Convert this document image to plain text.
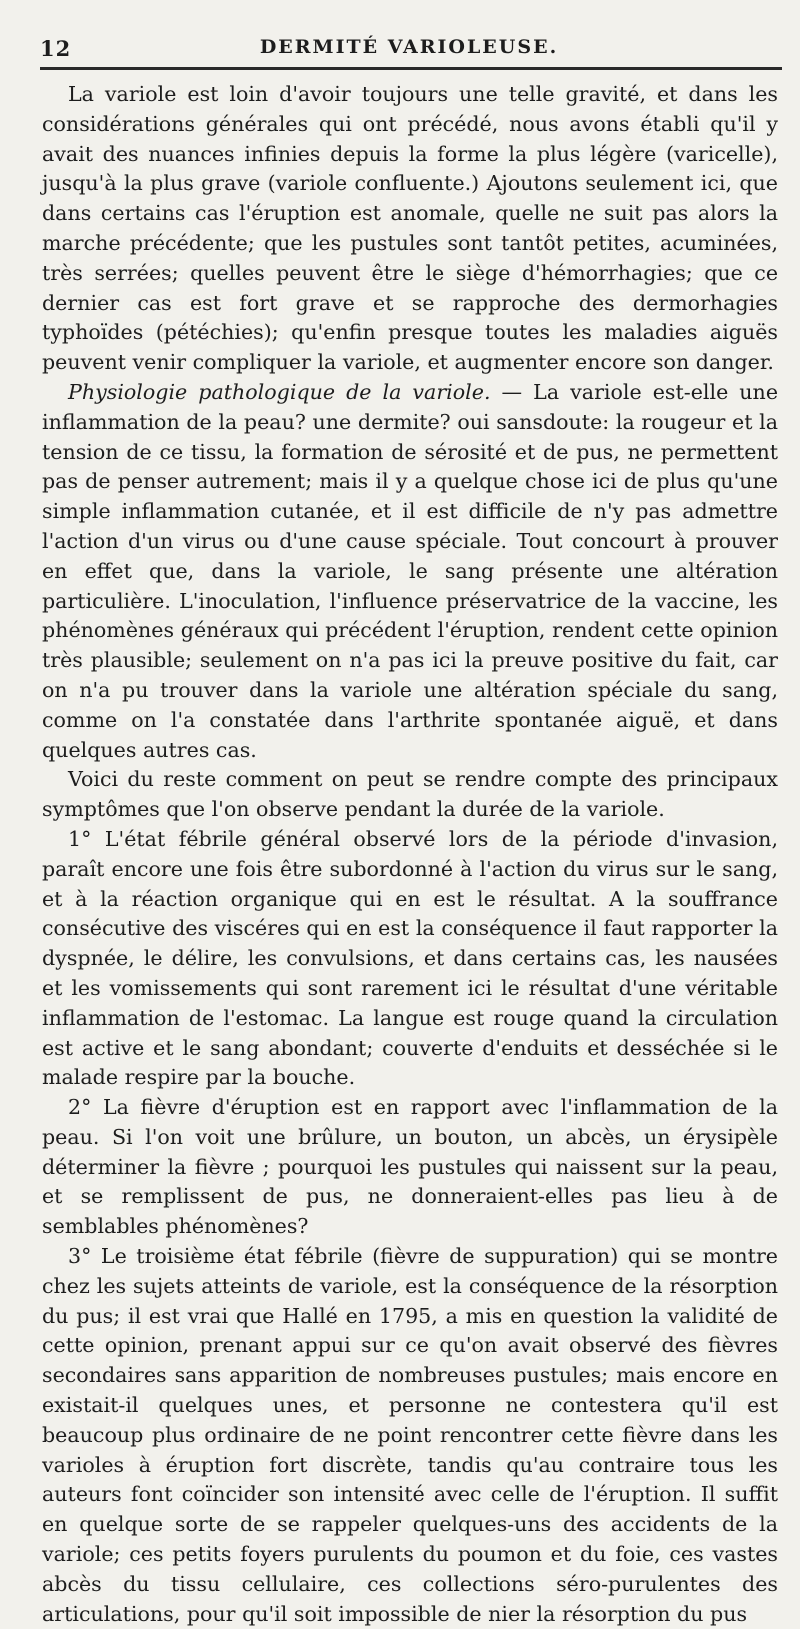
12	DERMITÉ VARIOLEUSE.

La variole est loin d'avoir toujours une telle gravité, et dans les considérations générales qui ont précédé, nous avons établi qu'il y avait des nuances infinies depuis la forme la plus légère (varicelle), jusqu'à la plus grave (variole confluente.) Ajoutons seulement ici, que dans certains cas l'éruption est anomale, quelle ne suit pas alors la marche précédente; que les pustules sont tantôt petites, acuminées, très serrées; quelles peuvent être le siège d'hémorrhagies; que ce dernier cas est fort grave et se rapproche des dermorhagies typhoïdes (pétéchies); qu'enfin presque toutes les maladies aiguës peuvent venir compliquer la variole, et augmenter encore son danger.

Physiologie pathologique de la variole. — La variole est-elle une inflammation de la peau? une dermite? oui sansdoute: la rougeur et la tension de ce tissu, la formation de sérosité et de pus, ne permettent pas de penser autrement; mais il y a quelque chose ici de plus qu'une simple inflammation cutanée, et il est difficile de n'y pas admettre l'action d'un virus ou d'une cause spéciale. Tout concourt à prouver en effet que, dans la variole, le sang présente une altération particulière. L'inoculation, l'influence préservatrice de la vaccine, les phénomènes généraux qui précédent l'éruption, rendent cette opinion très plausible; seulement on n'a pas ici la preuve positive du fait, car on n'a pu trouver dans la variole une altération spéciale du sang, comme on l'a constatée dans l'arthrite spontanée aiguë, et dans quelques autres cas.

Voici du reste comment on peut se rendre compte des principaux symptômes que l'on observe pendant la durée de la variole.

1° L'état fébrile général observé lors de la période d'invasion, paraît encore une fois être subordonné à l'action du virus sur le sang, et à la réaction organique qui en est le résultat. A la souffrance consécutive des viscéres qui en est la conséquence il faut rapporter la dyspnée, le délire, les convulsions, et dans certains cas, les nausées et les vomissements qui sont rarement ici le résultat d'une véritable inflammation de l'estomac. La langue est rouge quand la circulation est active et le sang abondant; couverte d'enduits et desséchée si le malade respire par la bouche.

2° La fièvre d'éruption est en rapport avec l'inflammation de la peau. Si l'on voit une brûlure, un bouton, un abcès, un érysipèle déterminer la fièvre ; pourquoi les pustules qui naissent sur la peau, et se remplissent de pus, ne donneraient-elles pas lieu à de semblables phénomènes?

3° Le troisième état fébrile (fièvre de suppuration) qui se montre chez les sujets atteints de variole, est la conséquence de la résorption du pus; il est vrai que Hallé en 1795, a mis en question la validité de cette opinion, prenant appui sur ce qu'on avait observé des fièvres secondaires sans apparition de nombreuses pustules; mais encore en existait-il quelques unes, et personne ne contestera qu'il est beaucoup plus ordinaire de ne point rencontrer cette fièvre dans les varioles à éruption fort discrète, tandis qu'au contraire tous les auteurs font coïncider son intensité avec celle de l'éruption. Il suffit en quelque sorte de se rappeler quelques-uns des accidents de la variole; ces petits foyers purulents du poumon et du foie, ces vastes abcès du tissu cellulaire, ces collections séro-purulentes des articulations, pour qu'il soit impossible de nier la résorption du pus
